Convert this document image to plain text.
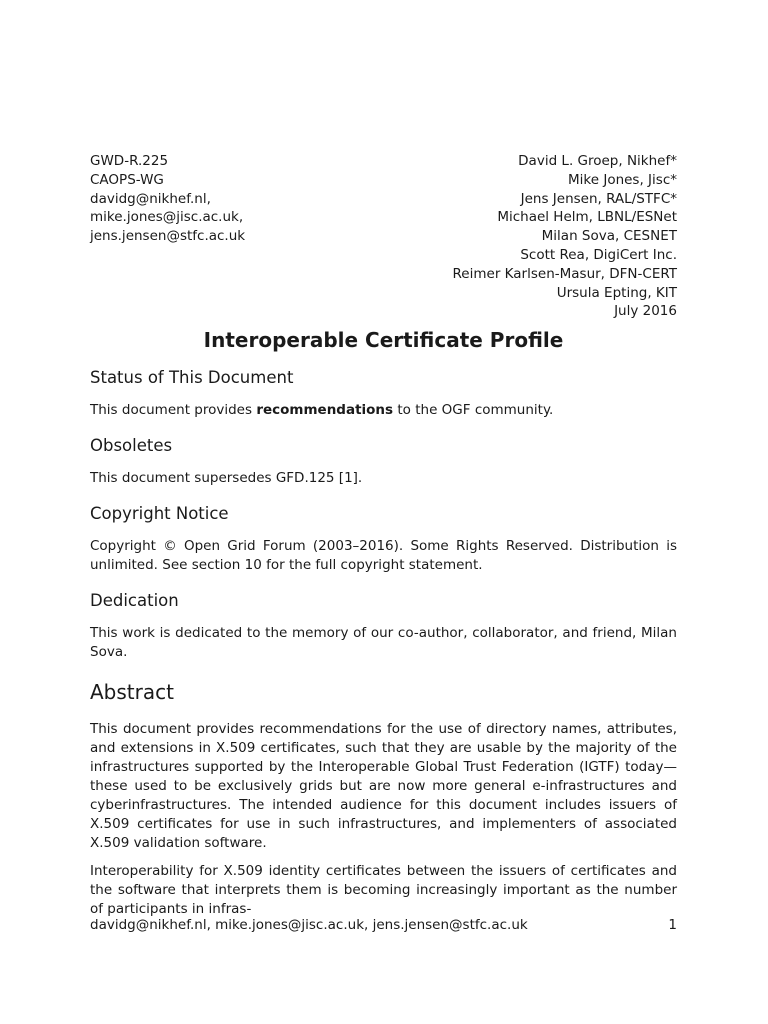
GWD-R.225
CAOPS-WG
davidg@nikhef.nl,
mike.jones@jisc.ac.uk,
jens.jensen@stfc.ac.uk
David L. Groep, Nikhef*
Mike Jones, Jisc*
Jens Jensen, RAL/STFC*
Michael Helm, LBNL/ESNet
Milan Sova, CESNET
Scott Rea, DigiCert Inc.
Reimer Karlsen-Masur, DFN-CERT
Ursula Epting, KIT
July 2016
Interoperable Certificate Profile
Status of This Document

This document provides recommendations to the OGF community.

Obsoletes

This document supersedes GFD.125 [1].

Copyright Notice

Copyright © Open Grid Forum (2003–2016). Some Rights Reserved. Distribution is unlimited. See section 10 for the full copyright statement.

Dedication

This work is dedicated to the memory of our co-author, collaborator, and friend, Milan Sova.

Abstract

This document provides recommendations for the use of directory names, attributes, and extensions in X.509 certificates, such that they are usable by the majority of the infrastructures supported by the Interoperable Global Trust Federation (IGTF) today—these used to be exclusively grids but are now more general e-infrastructures and cyberinfrastructures. The intended audience for this document includes issuers of X.509 certificates for use in such infrastructures, and implementers of associated X.509 validation software.

Interoperability for X.509 identity certificates between the issuers of certificates and the software that interprets them is becoming increasingly important as the number of participants in infras-

davidg@nikhef.nl, mike.jones@jisc.ac.uk, jens.jensen@stfc.ac.uk	1
